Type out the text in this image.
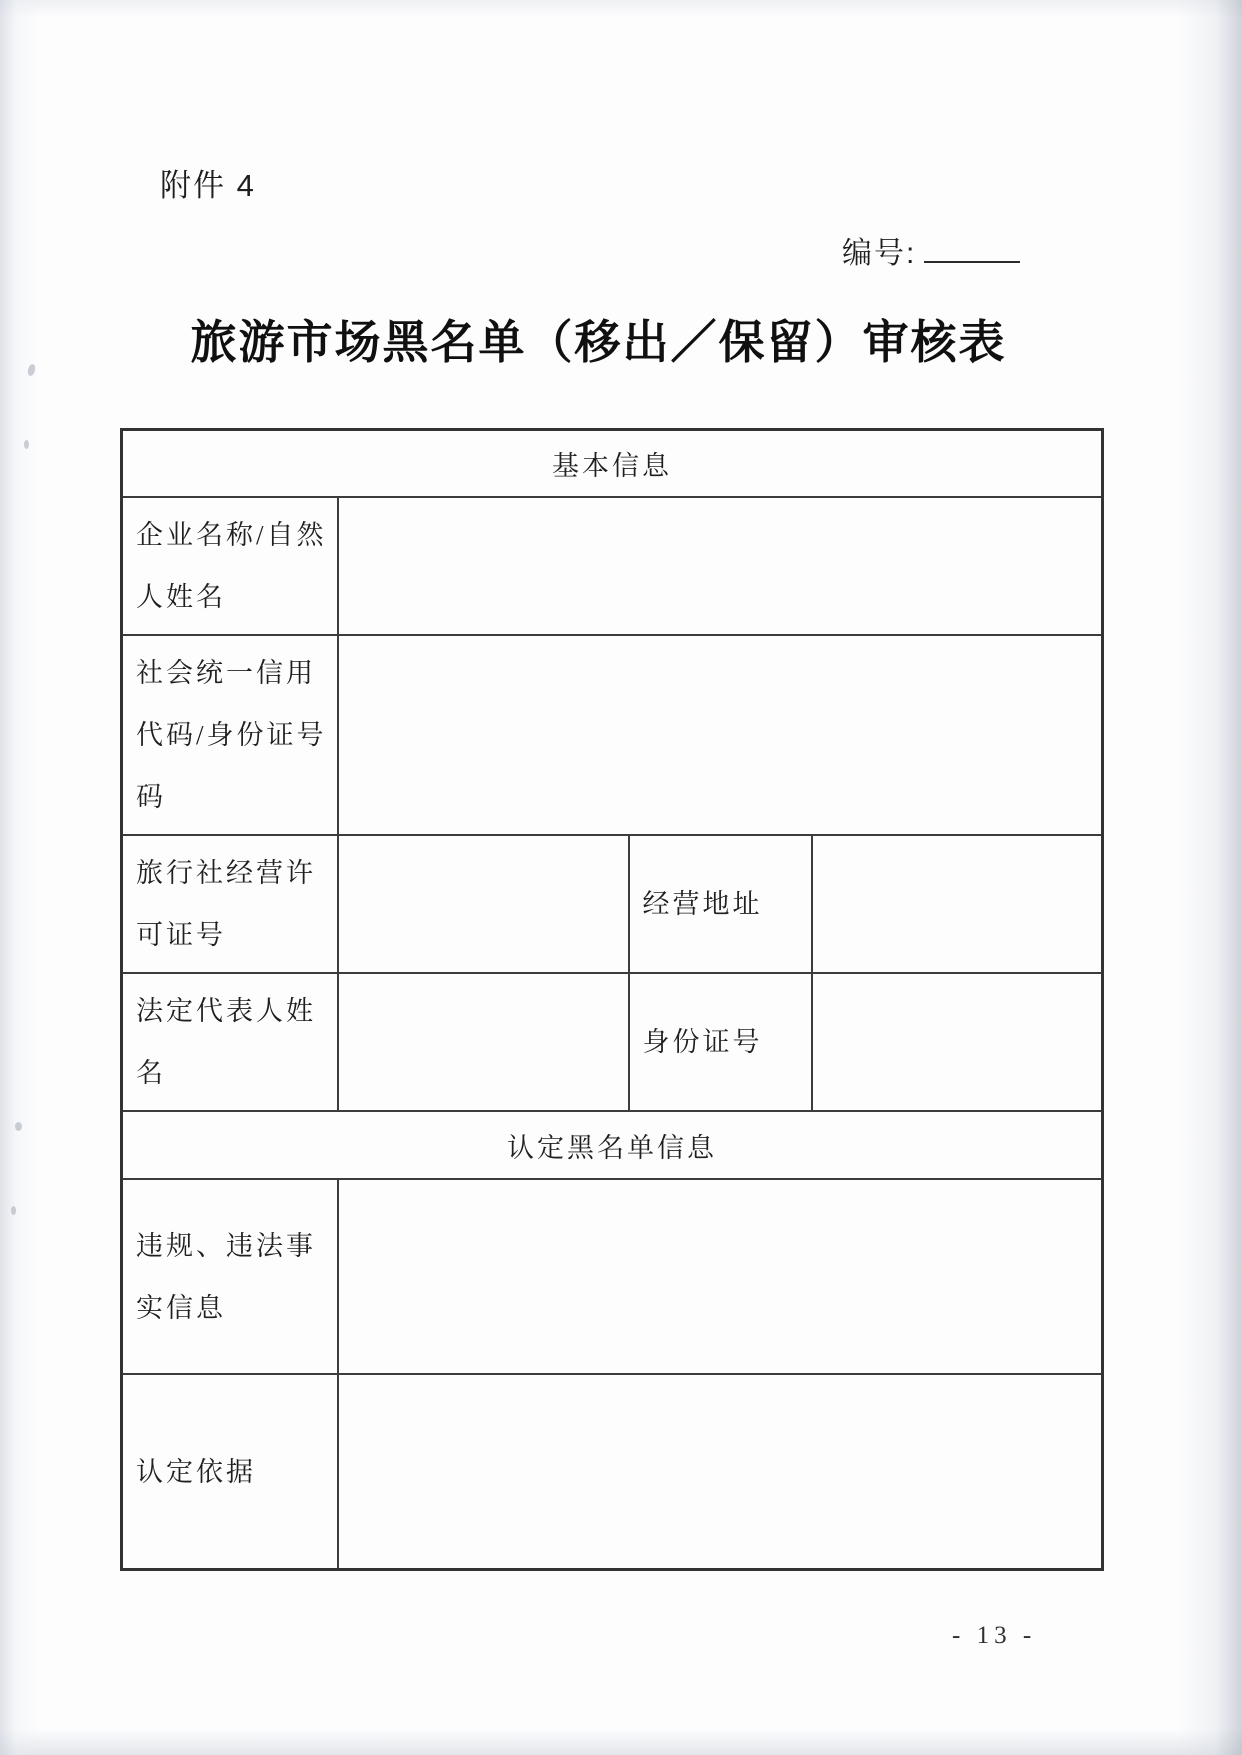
附件 4
编号:
旅游市场黑名单（移出／保留）审核表
基本信息			
企业名称/自然人姓名			
社会统一信用代码/身份证号码			
旅行社经营许可证号		经营地址	
法定代表人姓名		身份证号	
认定黑名单信息			
违规、违法事实信息			
认定依据			
- 13 -
